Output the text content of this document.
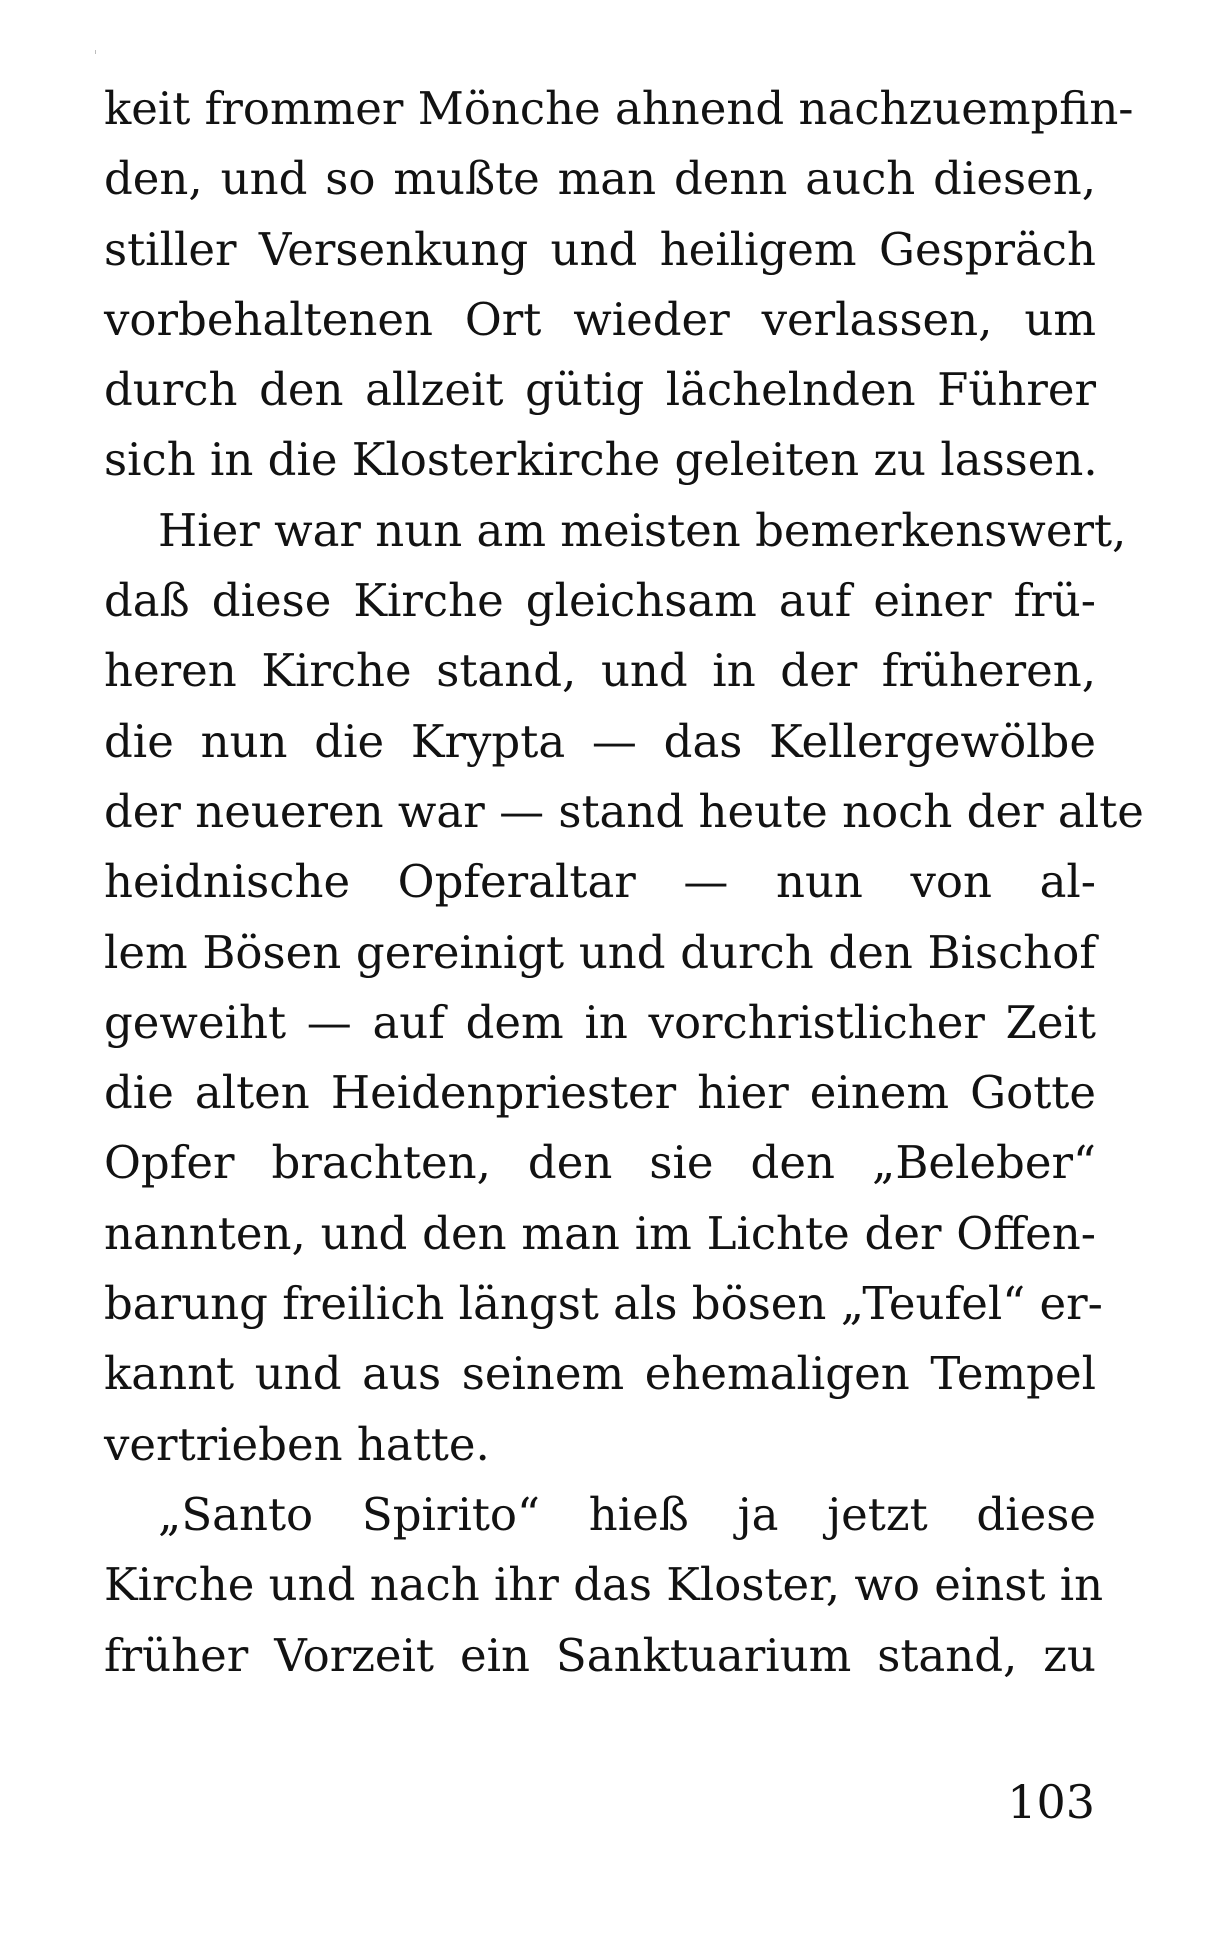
keit frommer Mönche ahnend nachzuempfin-
den, und so mußte man denn auch diesen,
stiller Versenkung und heiligem Gespräch
vorbehaltenen Ort wieder verlassen, um
durch den allzeit gütig lächelnden Führer
sich in die Klosterkirche geleiten zu lassen.
Hier war nun am meisten bemerkenswert,
daß diese Kirche gleichsam auf einer frü-
heren Kirche stand, und in der früheren,
die nun die Krypta — das Kellergewölbe
der neueren war — stand heute noch der alte
heidnische Opferaltar — nun von al-
lem Bösen gereinigt und durch den Bischof
geweiht — auf dem in vorchristlicher Zeit
die alten Heidenpriester hier einem Gotte
Opfer brachten, den sie den „Beleber“
nannten, und den man im Lichte der Offen-
barung freilich längst als bösen „Teufel“ er-
kannt und aus seinem ehemaligen Tempel
vertrieben hatte.
„Santo Spirito“ hieß ja jetzt diese
Kirche und nach ihr das Kloster, wo einst in
früher Vorzeit ein Sanktuarium stand, zu
103
